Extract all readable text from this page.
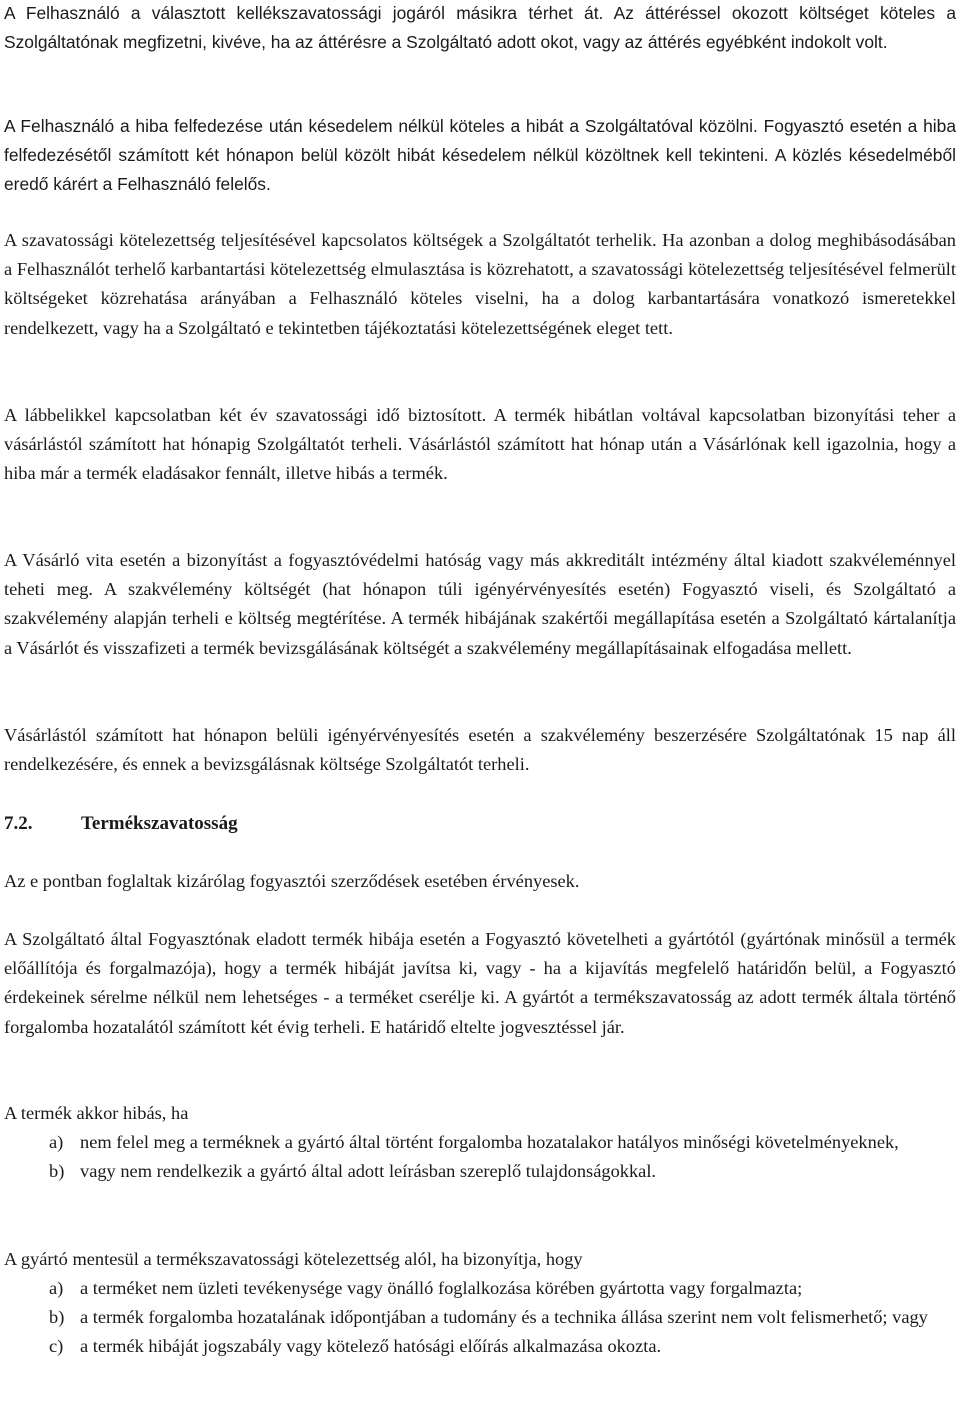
A Felhasználó a választott kellékszavatossági jogáról másikra térhet át. Az áttéréssel okozott költséget köteles a Szolgáltatónak megfizetni, kivéve, ha az áttérésre a Szolgáltató adott okot, vagy az áttérés egyébként indokolt volt.

A Felhasználó a hiba felfedezése után késedelem nélkül köteles a hibát a Szolgáltatóval közölni. Fogyasztó esetén a hiba felfedezésétől számított két hónapon belül közölt hibát késedelem nélkül közöltnek kell tekinteni. A közlés késedelméből eredő kárért a Felhasználó felelős.

A szavatossági kötelezettség teljesítésével kapcsolatos költségek a Szolgáltatót terhelik. Ha azonban a dolog meghibásodásában a Felhasználót terhelő karbantartási kötelezettség elmulasztása is közrehatott, a szavatossági kötelezettség teljesítésével felmerült költségeket közrehatása arányában a Felhasználó köteles viselni, ha a dolog karbantartására vonatkozó ismeretekkel rendelkezett, vagy ha a Szolgáltató e tekintetben tájékoztatási kötelezettségének eleget tett.

A lábbelikkel kapcsolatban két év szavatossági idő biztosított. A termék hibátlan voltával kapcsolatban bizonyítási teher a vásárlástól számított hat hónapig Szolgáltatót terheli. Vásárlástól számított hat hónap után a Vásárlónak kell igazolnia, hogy a hiba már a termék eladásakor fennált, illetve hibás a termék.

A Vásárló vita esetén a bizonyítást a fogyasztóvédelmi hatóság vagy más akkreditált intézmény által kiadott szakvéleménnyel teheti meg. A szakvélemény költségét (hat hónapon túli igényérvényesítés esetén) Fogyasztó viseli, és Szolgáltató a szakvélemény alapján terheli e költség megtérítése. A termék hibájának szakértői megállapítása esetén a Szolgáltató kártalanítja a Vásárlót és visszafizeti a termék bevizsgálásának költségét a szakvélemény megállapításainak elfogadása mellett.

Vásárlástól számított hat hónapon belüli igényérvényesítés esetén a szakvélemény beszerzésére Szolgáltatónak 15 nap áll rendelkezésére, és ennek a bevizsgálásnak költsége Szolgáltatót terheli.

7.2.	Termékszavatosság

Az e pontban foglaltak kizárólag fogyasztói szerződések esetében érvényesek.

A Szolgáltató által Fogyasztónak eladott termék hibája esetén a Fogyasztó követelheti a gyártótól (gyártónak minősül a termék előállítója és forgalmazója), hogy a termék hibáját javítsa ki, vagy - ha a kijavítás megfelelő határidőn belül, a Fogyasztó érdekeinek sérelme nélkül nem lehetséges - a terméket cserélje ki. A gyártót a termékszavatosság az adott termék általa történő forgalomba hozatalától számított két évig terheli. E határidő eltelte jogvesztéssel jár.

A termék akkor hibás, ha

a) nem felel meg a terméknek a gyártó által történt forgalomba hozatalakor hatályos minőségi követelményeknek,
b) vagy nem rendelkezik a gyártó által adott leírásban szereplő tulajdonságokkal.

A gyártó mentesül a termékszavatossági kötelezettség alól, ha bizonyítja, hogy

a) a terméket nem üzleti tevékenysége vagy önálló foglalkozása körében gyártotta vagy forgalmazta;
b) a termék forgalomba hozatalának időpontjában a tudomány és a technika állása szerint nem volt felismerhető; vagy
c) a termék hibáját jogszabály vagy kötelező hatósági előírás alkalmazása okozta.
